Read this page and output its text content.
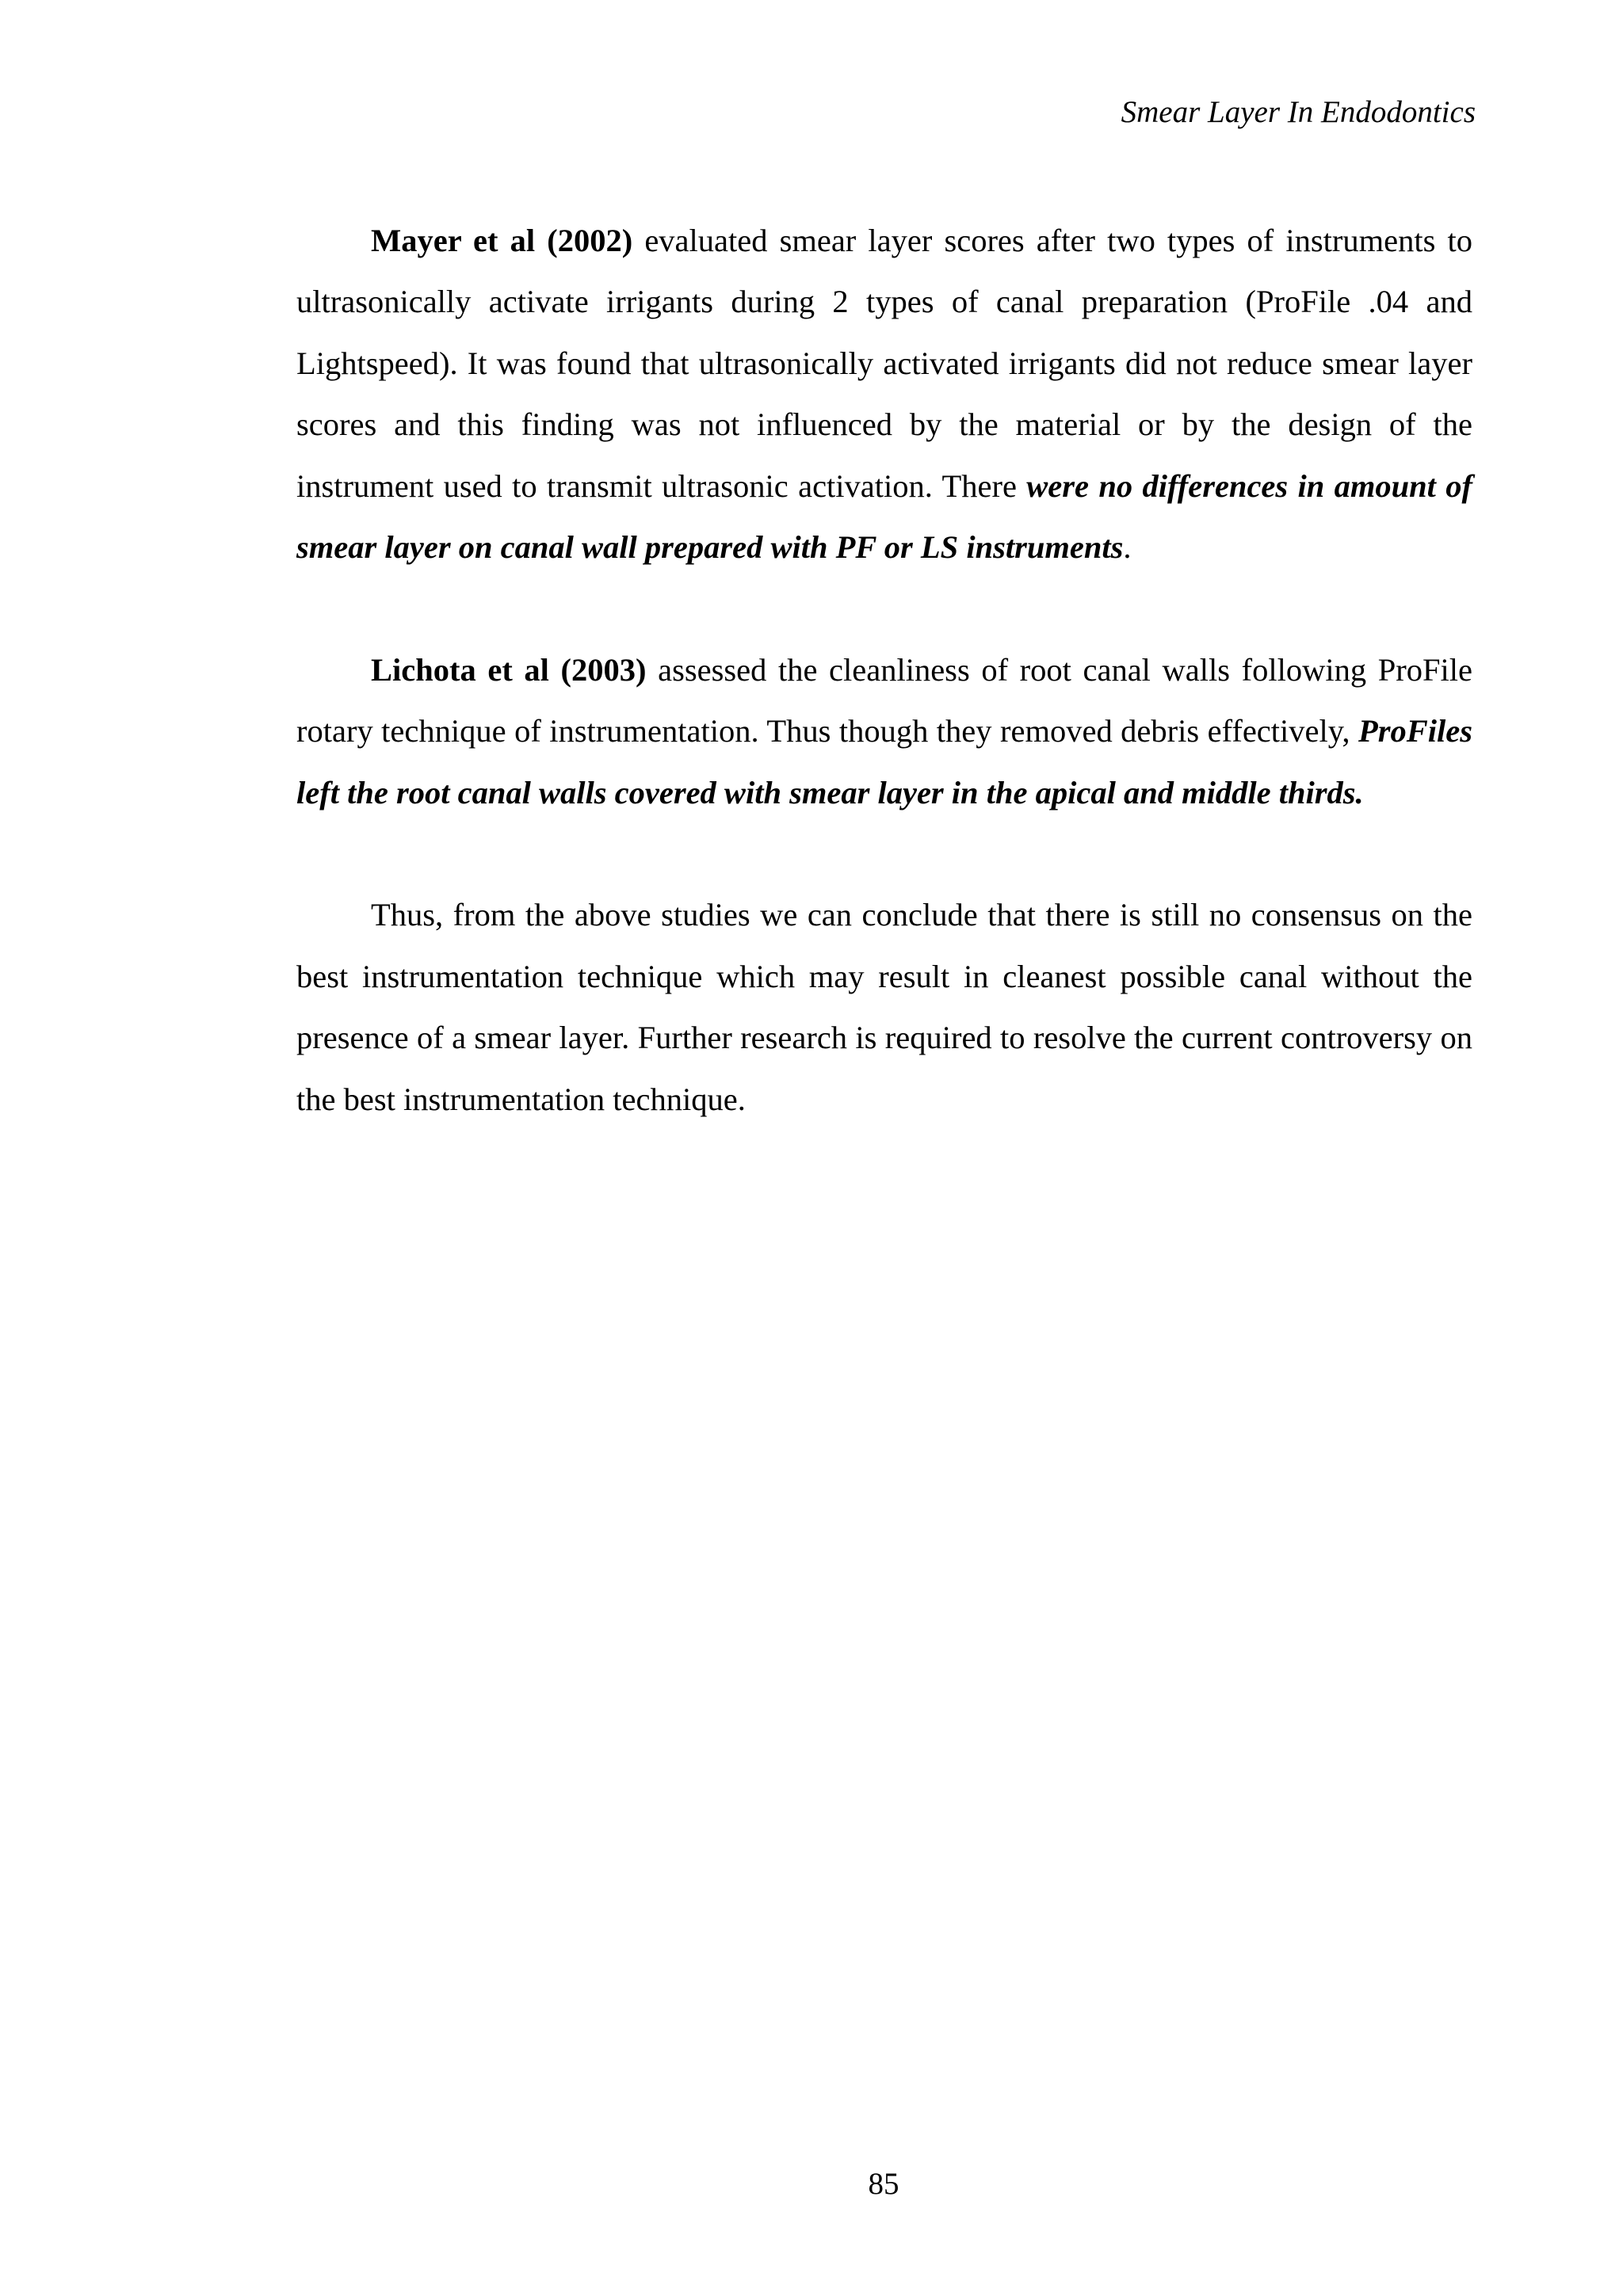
Smear Layer In Endodontics

Mayer et al (2002) evaluated smear layer scores after two types of instruments to ultrasonically activate irrigants during 2 types of canal preparation (ProFile .04 and Lightspeed). It was found that ultrasonically activated irrigants did not reduce smear layer scores and this finding was not influenced by the material or by the design of the instrument used to transmit ultrasonic activation. There were no differences in amount of smear layer on canal wall prepared with PF or LS instruments.

Lichota et al (2003) assessed the cleanliness of root canal walls following ProFile rotary technique of instrumentation. Thus though they removed debris effectively, ProFiles left the root canal walls covered with smear layer in the apical and middle thirds.

Thus, from the above studies we can conclude that there is still no consensus on the best instrumentation technique which may result in cleanest possible canal without the presence of a smear layer. Further research is required to resolve the current controversy on the best instrumentation technique.

85
